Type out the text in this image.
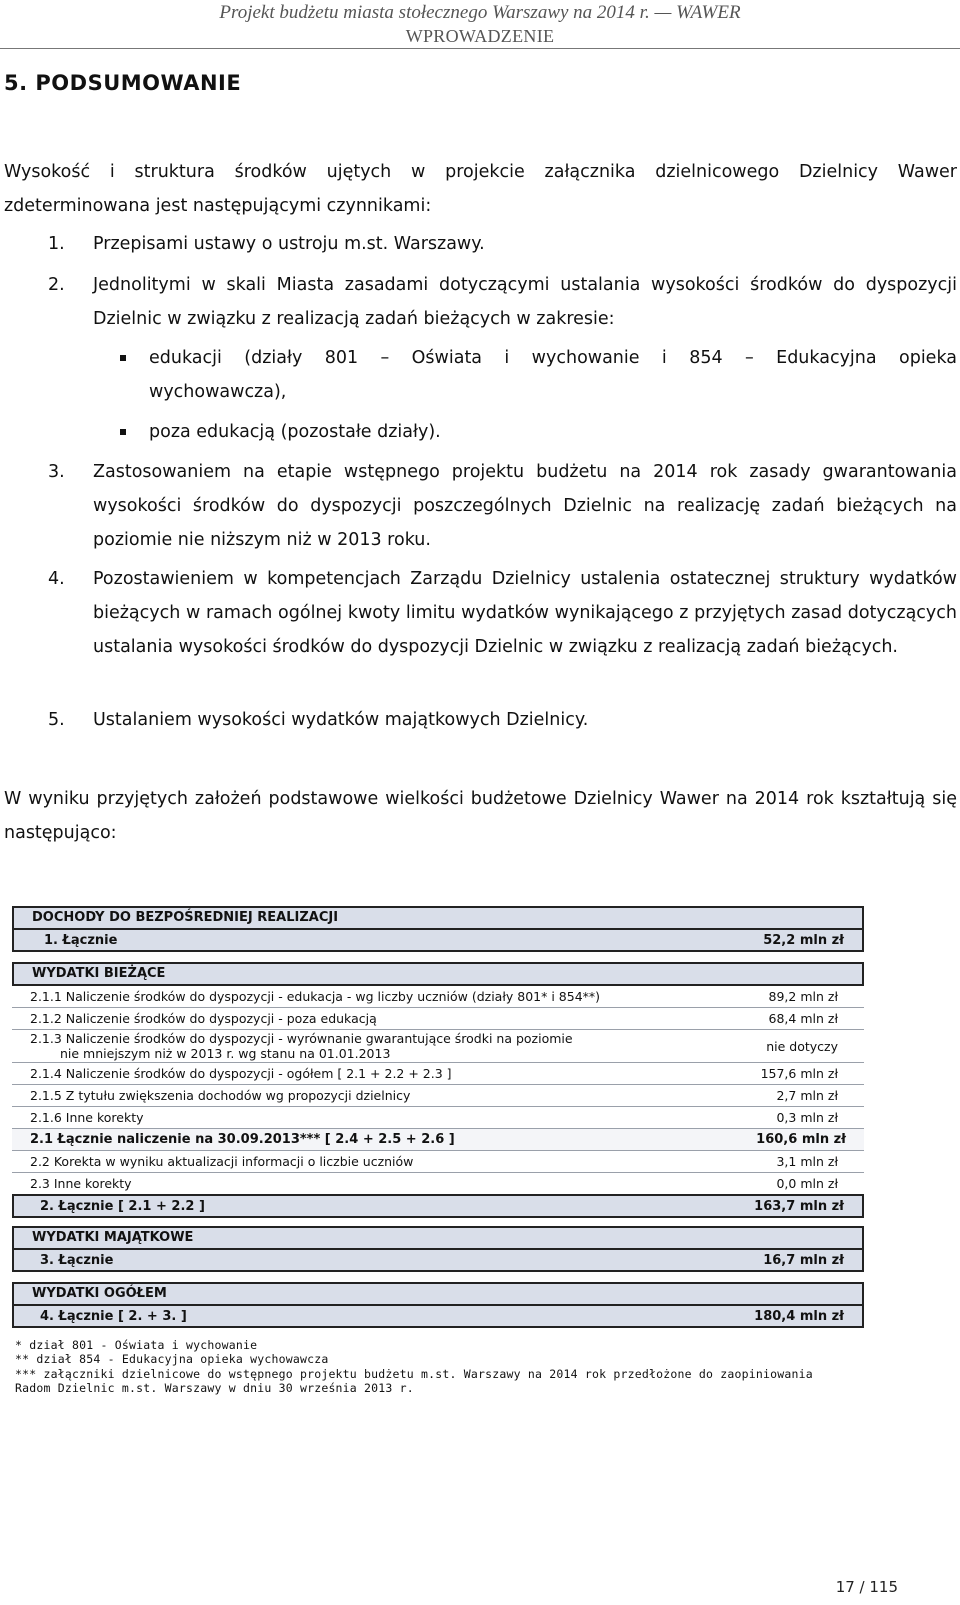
Projekt budżetu miasta stołecznego Warszawy na 2014 r. — WAWER
WPROWADZENIE
5. PODSUMOWANIE
Wysokość i struktura środków ujętych w projekcie załącznika dzielnicowego Dzielnicy Wawer zdeterminowana jest następującymi czynnikami:
1. Przepisami ustawy o ustroju m.st. Warszawy.
2. Jednolitymi w skali Miasta zasadami dotyczącymi ustalania wysokości środków do dyspozycji Dzielnic w związku z realizacją zadań bieżących w zakresie:
edukacji (działy 801 – Oświata i wychowanie i 854 – Edukacyjna opieka
wychowawcza),
poza edukacją (pozostałe działy).
3. Zastosowaniem na etapie wstępnego projektu budżetu na 2014 rok zasady gwarantowania wysokości środków do dyspozycji poszczególnych Dzielnic na realizację zadań bieżących na poziomie nie niższym niż w 2013 roku.
4. Pozostawieniem w kompetencjach Zarządu Dzielnicy ustalenia ostatecznej struktury wydatków bieżących w ramach ogólnej kwoty limitu wydatków wynikającego z przyjętych zasad dotyczących ustalania wysokości środków do dyspozycji Dzielnic w związku z realizacją zadań bieżących.
5. Ustalaniem wysokości wydatków majątkowych Dzielnicy.
W wyniku przyjętych założeń podstawowe wielkości budżetowe Dzielnicy Wawer na 2014 rok kształtują się następująco:
DOCHODY DO BEZPOŚREDNIEJ REALIZACJI
1. Łącznie	52,2 mln zł
WYDATKI BIEŻĄCE
2.1.1 Naliczenie środków do dyspozycji - edukacja - wg liczby uczniów (działy 801* i 854**)	89,2 mln zł
2.1.2 Naliczenie środków do dyspozycji - poza edukacją	68,4 mln zł
2.1.3 Naliczenie środków do dyspozycji - wyrównanie gwarantujące środki na poziomie
nie mniejszym niż w 2013 r. wg stanu na 01.01.2013	nie dotyczy
2.1.4 Naliczenie środków do dyspozycji - ogółem [ 2.1 + 2.2 + 2.3 ]	157,6 mln zł
2.1.5 Z tytułu zwiększenia dochodów wg propozycji dzielnicy	2,7 mln zł
2.1.6 Inne korekty	0,3 mln zł
2.1 Łącznie naliczenie na 30.09.2013*** [ 2.4 + 2.5 + 2.6 ]	160,6 mln zł
2.2 Korekta w wyniku aktualizacji informacji o liczbie uczniów	3,1 mln zł
2.3 Inne korekty	0,0 mln zł
2. Łącznie [ 2.1 + 2.2 ]	163,7 mln zł
WYDATKI MAJĄTKOWE
3. Łącznie	16,7 mln zł
WYDATKI OGÓŁEM
4. Łącznie [ 2. + 3. ]	180,4 mln zł
* dział 801 - Oświata i wychowanie
** dział 854 - Edukacyjna opieka wychowawcza
*** załączniki dzielnicowe do wstępnego projektu budżetu m.st. Warszawy na 2014 rok przedłożone do zaopiniowania
Radom Dzielnic m.st. Warszawy w dniu 30 września 2013 r.
17 / 115
